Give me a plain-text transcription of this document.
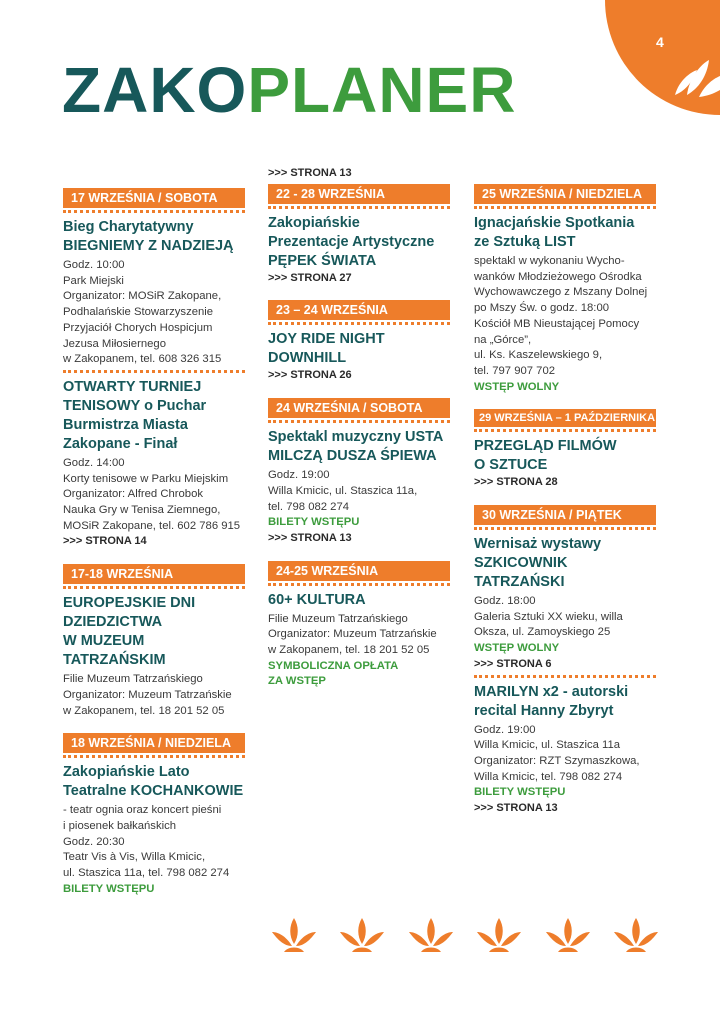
4
ZAKOPLANER
17 WRZEŚNIA / SOBOTA
Bieg Charytatywny
BIEGNIEMY Z NADZIEJĄ
Godz. 10:00
Park Miejski
Organizator: MOSiR Zakopane,
Podhalańskie Stowarzyszenie
Przyjaciół Chorych Hospicjum
Jezusa Miłosiernego
w Zakopanem, tel. 608 326 315
OTWARTY TURNIEJ
TENISOWY o Puchar
Burmistrza Miasta
Zakopane - Finał
Godz. 14:00
Korty tenisowe w Parku Miejskim
Organizator: Alfred Chrobok
Nauka Gry w Tenisa Ziemnego,
MOSiR Zakopane, tel. 602 786 915
>>> STRONA 14
17-18 WRZEŚNIA
EUROPEJSKIE DNI
DZIEDZICTWA
W MUZEUM
TATRZAŃSKIM
Filie Muzeum Tatrzańskiego
Organizator: Muzeum Tatrzańskie
w Zakopanem, tel. 18 201 52 05
18 WRZEŚNIA / NIEDZIELA
Zakopiańskie Lato
Teatralne KOCHANKOWIE
- teatr ognia oraz koncert pieśni
i piosenek bałkańskich
Godz. 20:30
Teatr Vis à Vis, Willa Kmicic,
ul. Staszica 11a, tel. 798 082 274
BILETY WSTĘPU
>>> STRONA 13
22 - 28 WRZEŚNIA
Zakopiańskie
Prezentacje Artystyczne
PĘPEK ŚWIATA
>>> STRONA 27
23 – 24 WRZEŚNIA
JOY RIDE NIGHT
DOWNHILL
>>> STRONA 26
24 WRZEŚNIA / SOBOTA
Spektakl muzyczny USTA
MILCZĄ DUSZA ŚPIEWA
Godz. 19:00
Willa Kmicic, ul. Staszica 11a,
tel. 798 082 274
BILETY WSTĘPU
>>> STRONA 13
24-25 WRZEŚNIA
60+ KULTURA
Filie Muzeum Tatrzańskiego
Organizator: Muzeum Tatrzańskie
w Zakopanem, tel. 18 201 52 05
SYMBOLICZNA OPŁATA
ZA WSTĘP
25 WRZEŚNIA / NIEDZIELA
Ignacjańskie Spotkania
ze Sztuką LIST
spektakl w wykonaniu Wycho-
wanków Młodzieżowego Ośrodka
Wychowawczego z Mszany Dolnej
po Mszy Św. o godz. 18:00
Kościół MB Nieustającej Pomocy
na „Górce”,
ul. Ks. Kaszelewskiego 9,
tel. 797 907 702
WSTĘP WOLNY
29 WRZEŚNIA – 1 PAŹDZIERNIKA
PRZEGLĄD FILMÓW
O SZTUCE
>>> STRONA 28
30 WRZEŚNIA / PIĄTEK
Wernisaż wystawy
SZKICOWNIK
TATRZAŃSKI
Godz. 18:00
Galeria Sztuki XX wieku, willa
Oksza, ul. Zamoyskiego 25
WSTĘP WOLNY
>>> STRONA 6
MARILYN x2 - autorski
recital Hanny Zbyryt
Godz. 19:00
Willa Kmicic, ul. Staszica 11a
Organizator: RZT Szymaszkowa,
Willa Kmicic, tel. 798 082 274
BILETY WSTĘPU
>>> STRONA 13
